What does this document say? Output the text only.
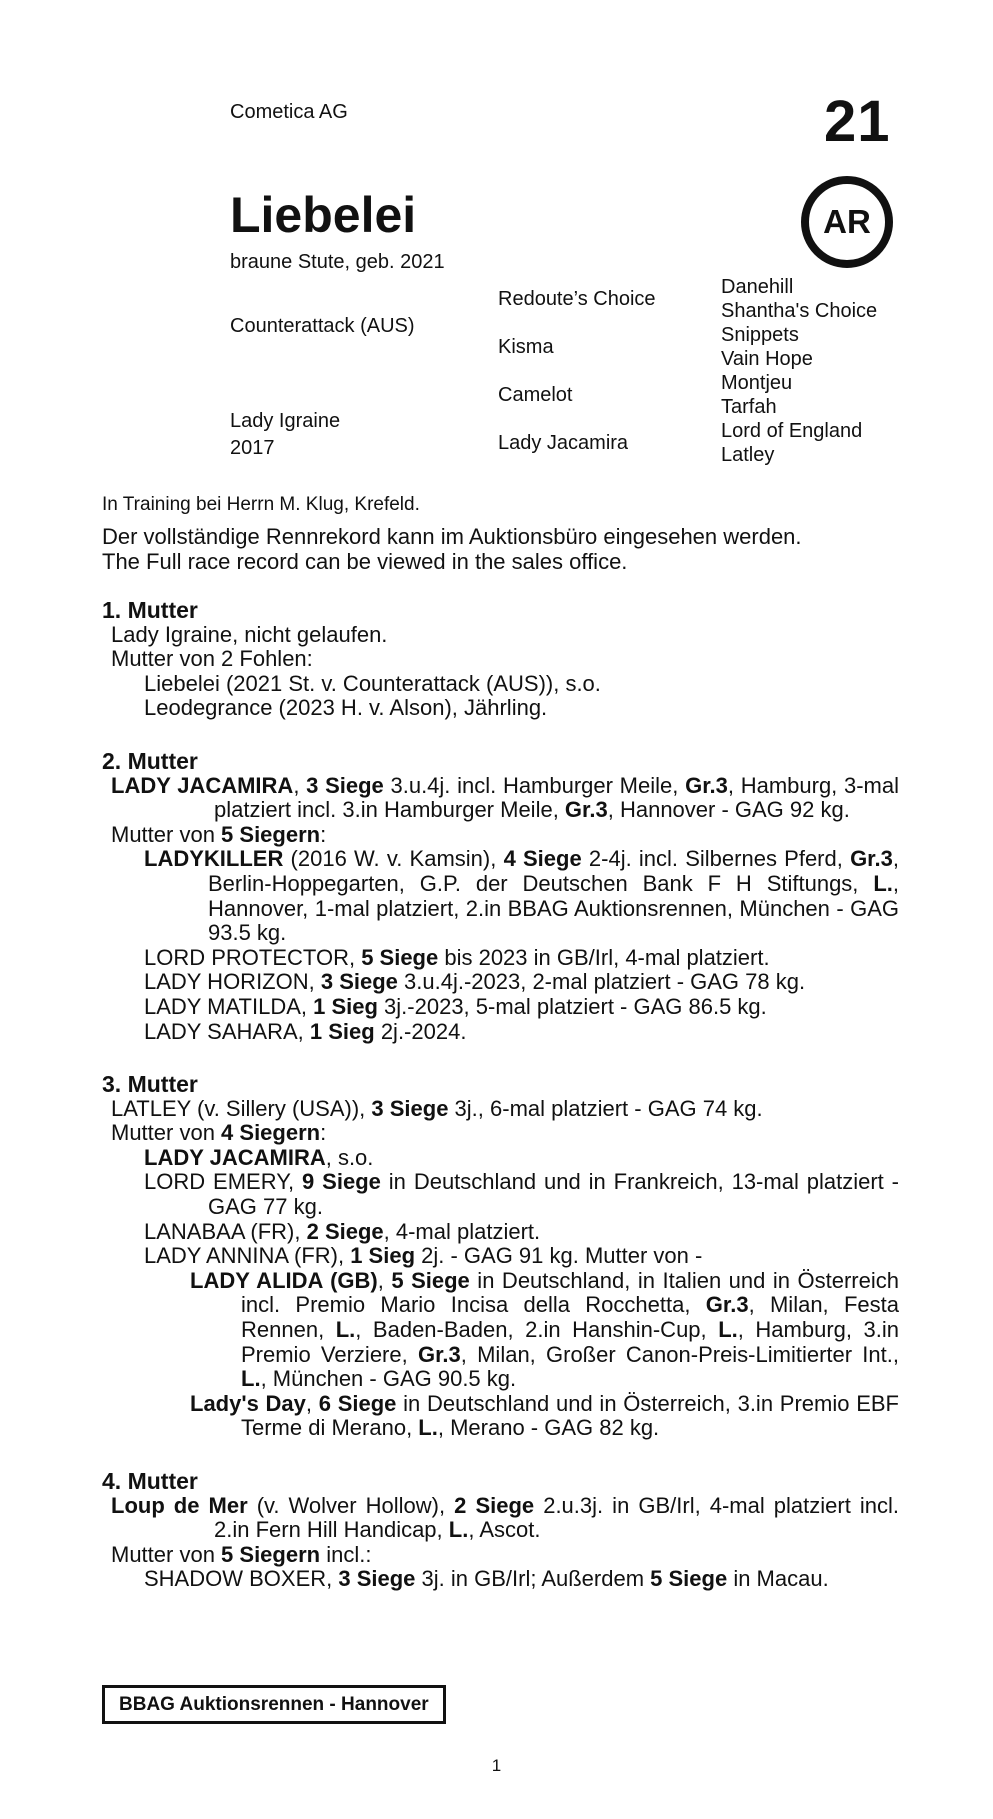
Cometica AG	21
Liebelei	AR
braune Stute, geb. 2021
Counterattack (AUS)
Lady Igraine
2017
Redoute’s Choice
Kisma
Camelot
Lady Jacamira
Danehill
Shantha's Choice
Snippets
Vain Hope
Montjeu
Tarfah
Lord of England
Latley
In Training bei Herrn M. Klug, Krefeld.
Der vollständige Rennrekord kann im Auktionsbüro eingesehen werden.
The Full race record can be viewed in the sales office.

1. Mutter

Lady Igraine, nicht gelaufen.

Mutter von 2 Fohlen:

Liebelei (2021 St. v. Counterattack (AUS)), s.o.

Leodegrance (2023 H. v. Alson), Jährling.

2. Mutter

LADY JACAMIRA, 3 Siege 3.u.4j. incl. Hamburger Meile, Gr.3, Hamburg, 3-mal platziert incl. 3.in Hamburger Meile, Gr.3, Hannover - GAG 92 kg.

Mutter von 5 Siegern:

LADYKILLER (2016 W. v. Kamsin), 4 Siege 2-4j. incl. Silbernes Pferd, Gr.3, Berlin-Hoppegarten, G.P. der Deutschen Bank F H Stiftungs, L., Hannover, 1-mal platziert, 2.in BBAG Auktionsrennen, München - GAG 93.5 kg.

LORD PROTECTOR, 5 Siege bis 2023 in GB/Irl, 4-mal platziert.

LADY HORIZON, 3 Siege 3.u.4j.-2023, 2-mal platziert - GAG 78 kg.

LADY MATILDA, 1 Sieg 3j.-2023, 5-mal platziert - GAG 86.5 kg.

LADY SAHARA, 1 Sieg 2j.-2024.

3. Mutter

LATLEY (v. Sillery (USA)), 3 Siege 3j., 6-mal platziert - GAG 74 kg.

Mutter von 4 Siegern:

LADY JACAMIRA, s.o.

LORD EMERY, 9 Siege in Deutschland und in Frankreich, 13-mal platziert - GAG 77 kg.

LANABAA (FR), 2 Siege, 4-mal platziert.

LADY ANNINA (FR), 1 Sieg 2j. - GAG 91 kg. Mutter von -

LADY ALIDA (GB), 5 Siege in Deutschland, in Italien und in Österreich incl. Premio Mario Incisa della Rocchetta, Gr.3, Milan, Festa Rennen, L., Baden-Baden, 2.in Hanshin-Cup, L., Hamburg, 3.in Premio Verziere, Gr.3, Milan, Großer Canon-Preis-Limitierter Int., L., München - GAG 90.5 kg.

Lady's Day, 6 Siege in Deutschland und in Österreich, 3.in Premio EBF Terme di Merano, L., Merano - GAG 82 kg.

4. Mutter

Loup de Mer (v. Wolver Hollow), 2 Siege 2.u.3j. in GB/Irl, 4-mal platziert incl. 2.in Fern Hill Handicap, L., Ascot.

Mutter von 5 Siegern incl.:

SHADOW BOXER, 3 Siege 3j. in GB/Irl; Außerdem 5 Siege in Macau.

BBAG Auktionsrennen - Hannover
1
